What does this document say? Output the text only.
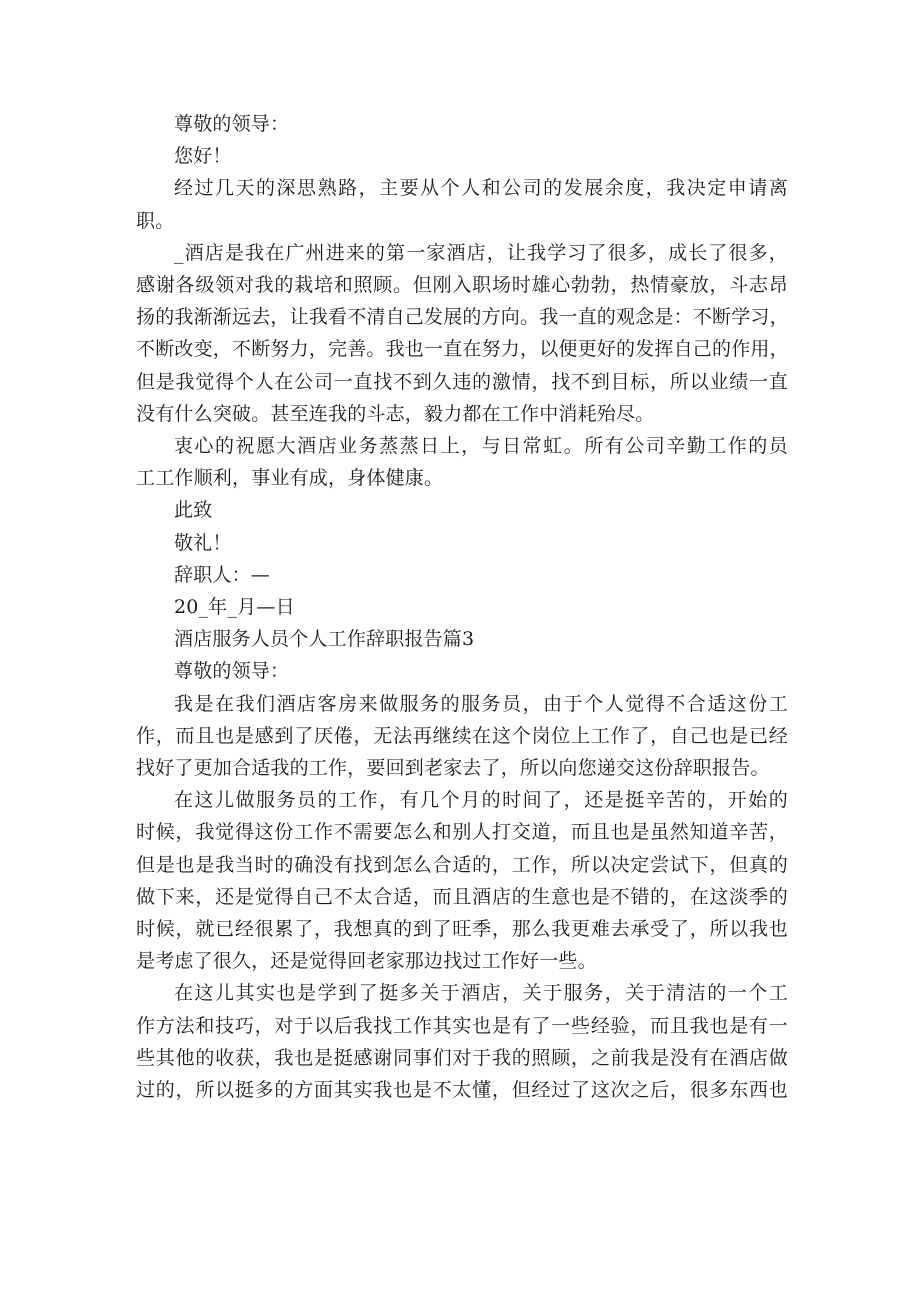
尊敬的领导：

您好！

经过几天的深思熟路，主要从个人和公司的发展余度，我决定申请离

职。

_酒店是我在广州进来的第一家酒店，让我学习了很多，成长了很多，

感谢各级领对我的栽培和照顾。但刚入职场时雄心勃勃，热情豪放，斗志昂

扬的我渐渐远去，让我看不清自己发展的方向。我一直的观念是：不断学习，

不断改变，不断努力，完善。我也一直在努力，以便更好的发挥自己的作用，

但是我觉得个人在公司一直找不到久违的激情，找不到目标，所以业绩一直

没有什么突破。甚至连我的斗志，毅力都在工作中消耗殆尽。

衷心的祝愿大酒店业务蒸蒸日上，与日常虹。所有公司辛勤工作的员

工工作顺利，事业有成，身体健康。

此致

敬礼！

辞职人：—

20_年_月—日

酒店服务人员个人工作辞职报告篇3

尊敬的领导：

我是在我们酒店客房来做服务的服务员，由于个人觉得不合适这份工

作，而且也是感到了厌倦，无法再继续在这个岗位上工作了，自己也是已经

找好了更加合适我的工作，要回到老家去了，所以向您递交这份辞职报告。

在这儿做服务员的工作，有几个月的时间了，还是挺辛苦的，开始的

时候，我觉得这份工作不需要怎么和别人打交道，而且也是虽然知道辛苦，

但是也是我当时的确没有找到怎么合适的，工作，所以决定尝试下，但真的

做下来，还是觉得自己不太合适，而且酒店的生意也是不错的，在这淡季的

时候，就已经很累了，我想真的到了旺季，那么我更难去承受了，所以我也

是考虑了很久，还是觉得回老家那边找过工作好一些。

在这儿其实也是学到了挺多关于酒店，关于服务，关于清洁的一个工

作方法和技巧，对于以后我找工作其实也是有了一些经验，而且我也是有一

些其他的收获，我也是挺感谢同事们对于我的照顾，之前我是没有在酒店做

过的，所以挺多的方面其实我也是不太懂，但经过了这次之后，很多东西也
